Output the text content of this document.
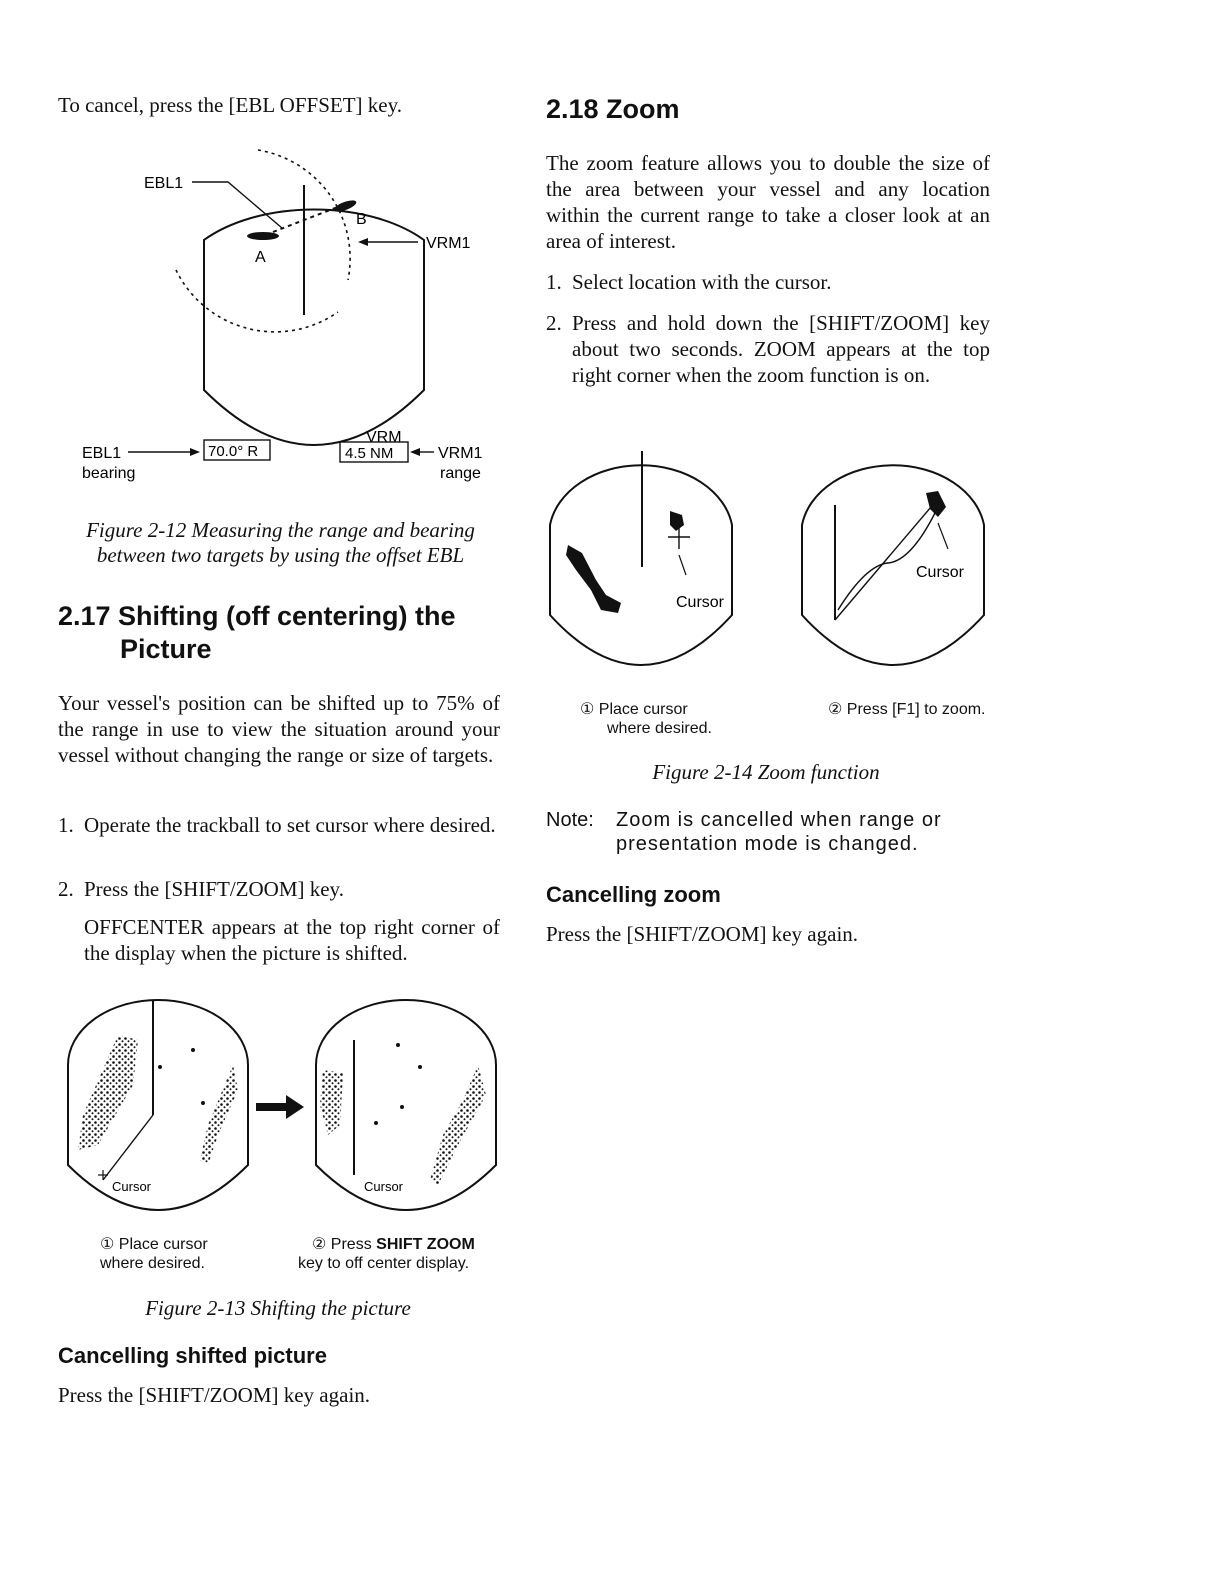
To cancel, press the [EBL OFFSET] key.
EBL1
A
B
VRM1
EBL1	70.0° R
bearing
VRM
4.5 NM	VRM1
range
Figure 2-12 Measuring the range and bearing
between two targets by using the offset EBL
2.17 Shifting (off centering) the
Picture
Your vessel's position can be shifted up to 75% of the range in use to view the situation around your vessel without changing the range or size of targets.
1. Operate the trackball to set cursor where desired.
2. Press the [SHIFT/ZOOM] key.
OFFCENTER appears at the top right corner of the display when the picture is shifted.
Cursor	Cursor
① Place cursor
where desired.
② Press SHIFT ZOOM
key to off center display.
Figure 2-13 Shifting the picture
Cancelling shifted picture
Press the [SHIFT/ZOOM] key again.
2.18 Zoom
The zoom feature allows you to double the size of the area between your vessel and any location within the current range to take a closer look at an area of interest.
1. Select location with the cursor.
2. Press and hold down the [SHIFT/ZOOM] key about two seconds. ZOOM appears at the top right corner when the zoom function is on.
Cursor
Cursor
① Place cursor
where desired.
② Press [F1] to zoom.
Figure 2-14 Zoom function
Note: Zoom is cancelled when range or
presentation mode is changed.
Cancelling zoom
Press the [SHIFT/ZOOM] key again.
